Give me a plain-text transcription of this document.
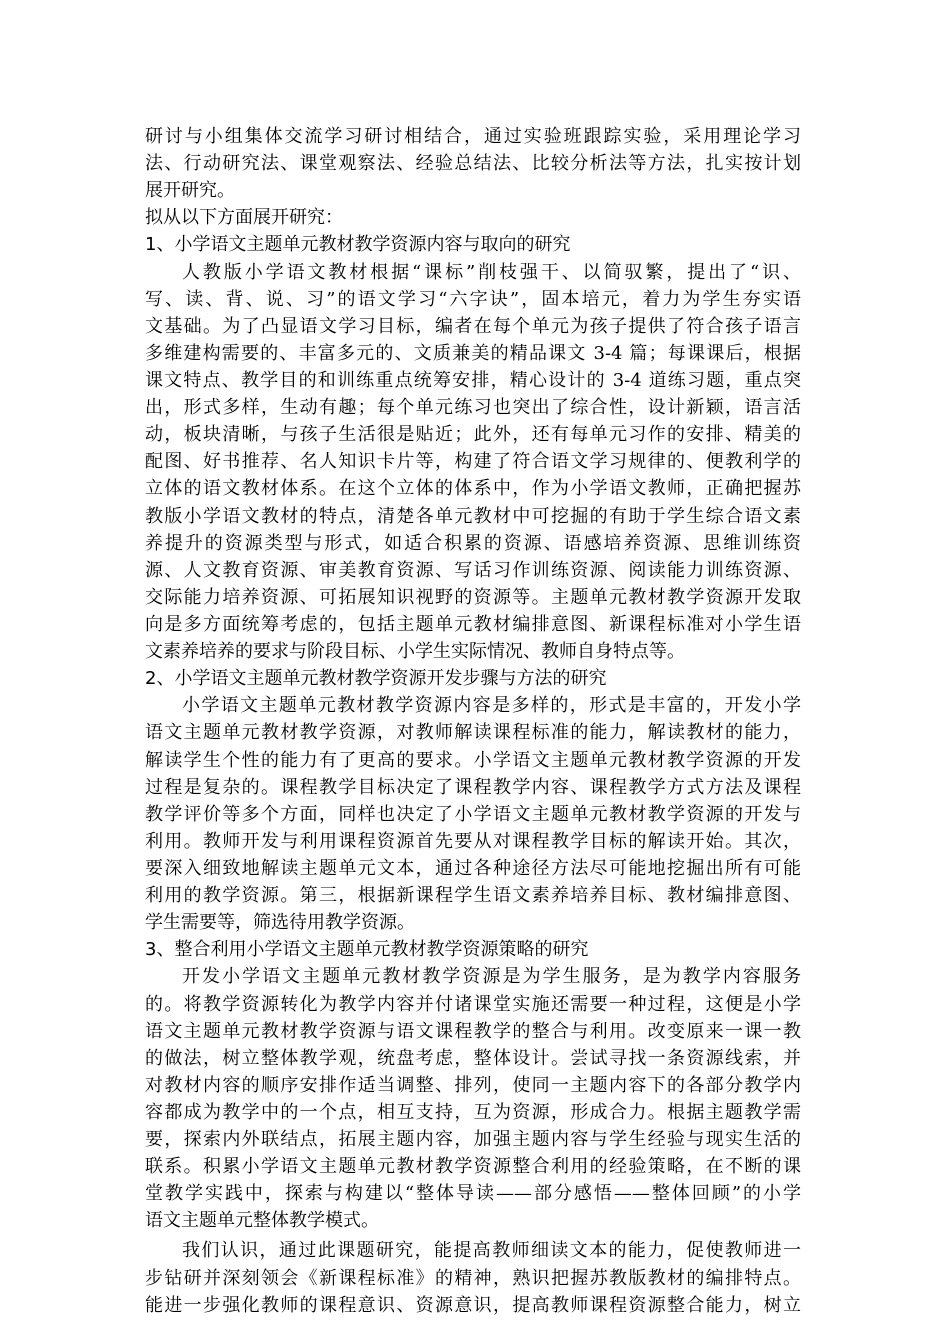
研讨与小组集体交流学习研讨相结合，通过实验班跟踪实验，采用理论学习
法、行动研究法、课堂观察法、经验总结法、比较分析法等方法，扎实按计划
展开研究。
拟从以下方面展开研究：
1、小学语文主题单元教材教学资源内容与取向的研究
人教版小学语文教材根据“课标”削枝强干、以简驭繁，提出了“识、
写、读、背、说、习”的语文学习“六字诀”，固本培元，着力为学生夯实语
文基础。为了凸显语文学习目标，编者在每个单元为孩子提供了符合孩子语言
多维建构需要的、丰富多元的、文质兼美的精品课文 3-4 篇；每课课后，根据
课文特点、教学目的和训练重点统筹安排，精心设计的 3-4 道练习题，重点突
出，形式多样，生动有趣；每个单元练习也突出了综合性，设计新颖，语言活
动，板块清晰，与孩子生活很是贴近；此外，还有每单元习作的安排、精美的
配图、好书推荐、名人知识卡片等，构建了符合语文学习规律的、便教利学的
立体的语文教材体系。在这个立体的体系中，作为小学语文教师，正确把握苏
教版小学语文教材的特点，清楚各单元教材中可挖掘的有助于学生综合语文素
养提升的资源类型与形式，如适合积累的资源、语感培养资源、思维训练资
源、人文教育资源、审美教育资源、写话习作训练资源、阅读能力训练资源、
交际能力培养资源、可拓展知识视野的资源等。主题单元教材教学资源开发取
向是多方面统筹考虑的，包括主题单元教材编排意图、新课程标准对小学生语
文素养培养的要求与阶段目标、小学生实际情况、教师自身特点等。
2、小学语文主题单元教材教学资源开发步骤与方法的研究
小学语文主题单元教材教学资源内容是多样的，形式是丰富的，开发小学
语文主题单元教材教学资源，对教师解读课程标准的能力，解读教材的能力，
解读学生个性的能力有了更高的要求。小学语文主题单元教材教学资源的开发
过程是复杂的。课程教学目标决定了课程教学内容、课程教学方式方法及课程
教学评价等多个方面，同样也决定了小学语文主题单元教材教学资源的开发与
利用。教师开发与利用课程资源首先要从对课程教学目标的解读开始。其次，
要深入细致地解读主题单元文本，通过各种途径方法尽可能地挖掘出所有可能
利用的教学资源。第三，根据新课程学生语文素养培养目标、教材编排意图、
学生需要等，筛选待用教学资源。
3、整合利用小学语文主题单元教材教学资源策略的研究
开发小学语文主题单元教材教学资源是为学生服务，是为教学内容服务
的。将教学资源转化为教学内容并付诸课堂实施还需要一种过程，这便是小学
语文主题单元教材教学资源与语文课程教学的整合与利用。改变原来一课一教
的做法，树立整体教学观，统盘考虑，整体设计。尝试寻找一条资源线索，并
对教材内容的顺序安排作适当调整、排列，使同一主题内容下的各部分教学内
容都成为教学中的一个点，相互支持，互为资源，形成合力。根据主题教学需
要，探索内外联结点，拓展主题内容，加强主题内容与学生经验与现实生活的
联系。积累小学语文主题单元教材教学资源整合利用的经验策略，在不断的课
堂教学实践中，探索与构建以“整体导读——部分感悟——整体回顾”的小学
语文主题单元整体教学模式。
我们认识，通过此课题研究，能提高教师细读文本的能力，促使教师进一
步钻研并深刻领会《新课程标准》的精神，熟识把握苏教版教材的编排特点。
能进一步强化教师的课程意识、资源意识，提高教师课程资源整合能力，树立
